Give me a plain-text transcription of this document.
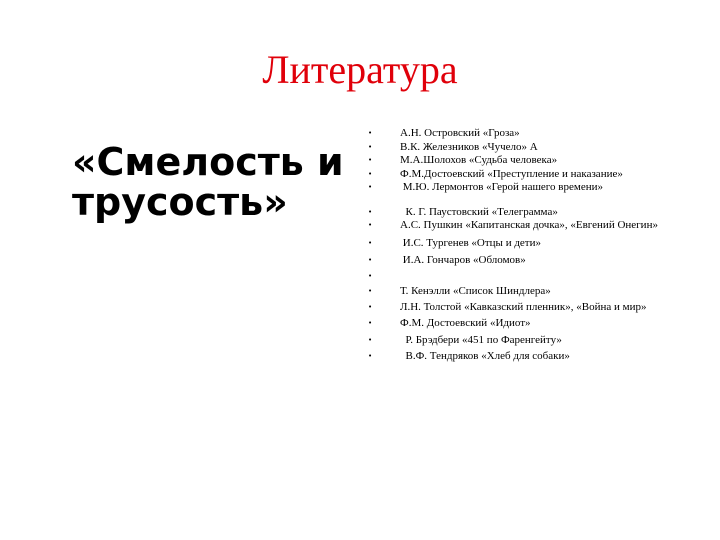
Литература
«Смелость и
трусость»
•	А.Н. Островский «Гроза»
•	В.К. Железников «Чучело» А
•	М.А.Шолохов «Судьба человека»
•	Ф.М.Достоевский «Преступление и наказание»
•	М.Ю. Лермонтов «Герой нашего времени»
•	К. Г. Паустовский «Телеграмма»
•	А.С. Пушкин «Капитанская дочка», «Евгений Онегин»
•	И.С. Тургенев «Отцы и дети»
•	И.А. Гончаров «Обломов»
•

•	Т. Кенэлли «Список Шиндлера»
•	Л.Н. Толстой «Кавказский пленник», «Война и мир»
•	Ф.М. Достоевский «Идиот»
•	Р. Брэдбери «451 по Фаренгейту»
•	В.Ф. Тендряков «Хлеб для собаки»
